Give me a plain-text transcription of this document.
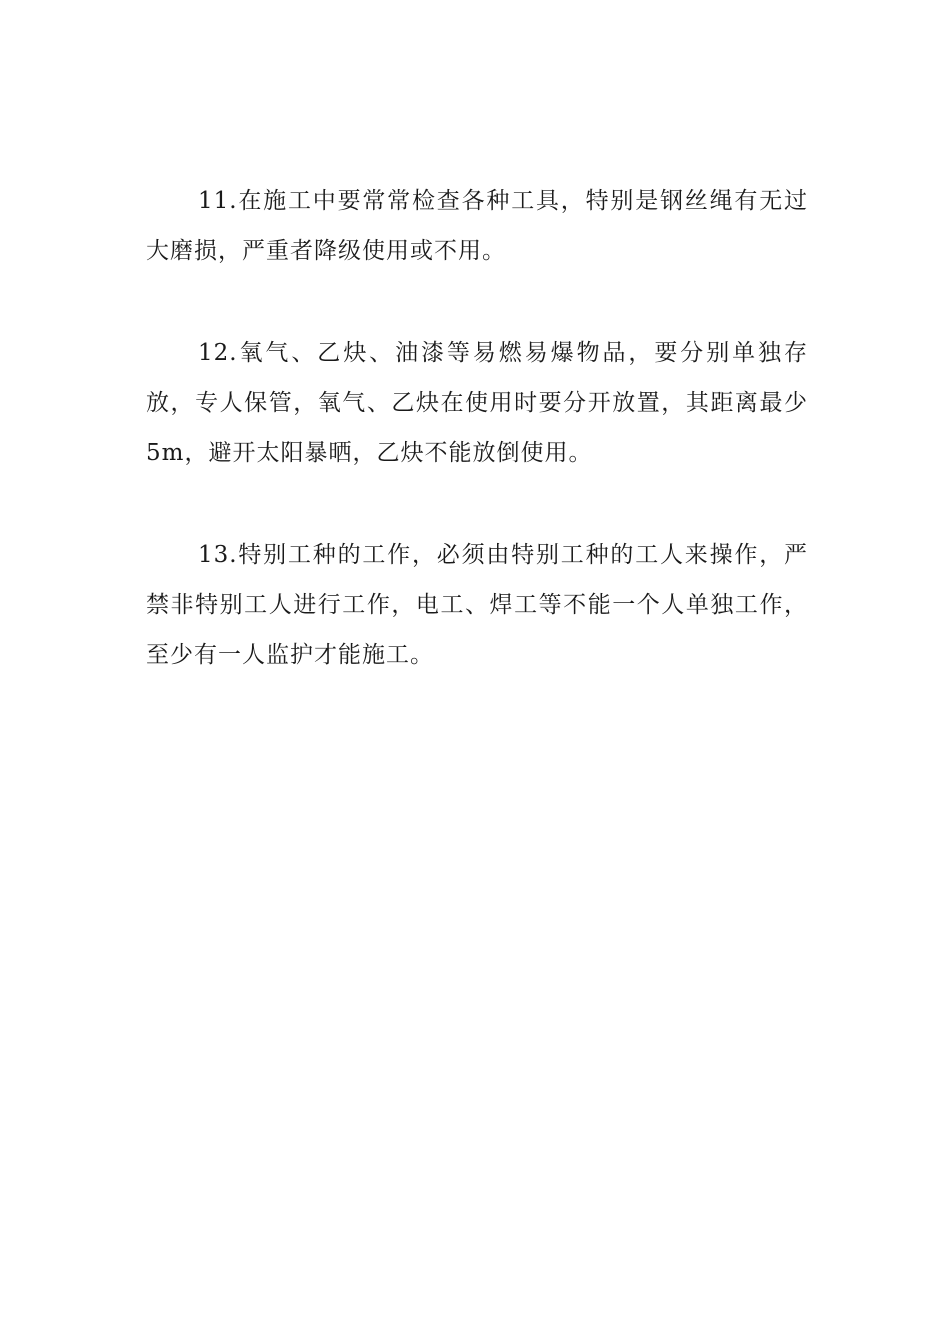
11.在施工中要常常检查各种工具，特别是钢丝绳有无过大磨损，严重者降级使用或不用。

12.氧气、乙炔、油漆等易燃易爆物品，要分别单独存放，专人保管，氧气、乙炔在使用时要分开放置，其距离最少5m，避开太阳暴晒，乙炔不能放倒使用。

13.特别工种的工作，必须由特别工种的工人来操作，严禁非特别工人进行工作，电工、焊工等不能一个人单独工作，至少有一人监护才能施工。
